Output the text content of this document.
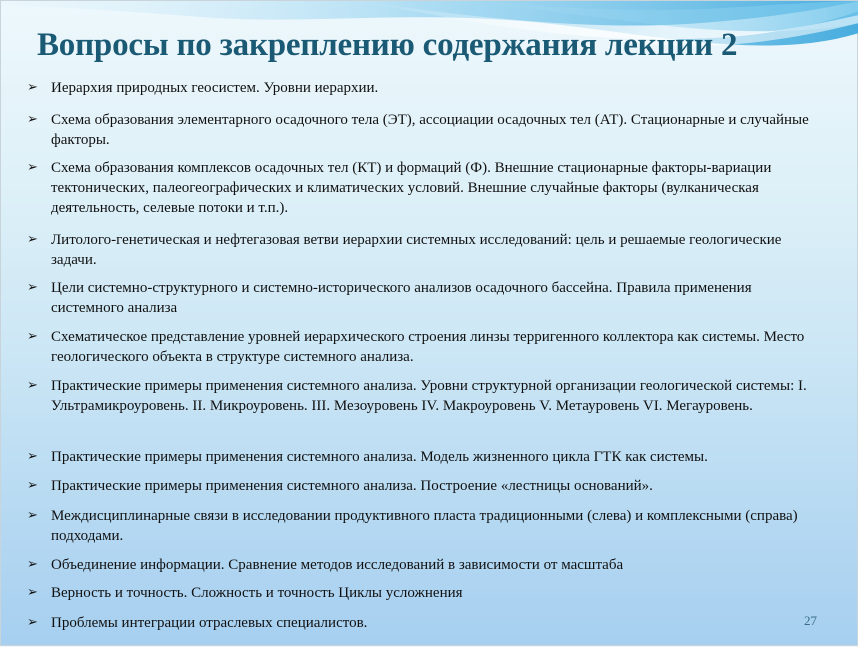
Вопросы по закреплению содержания лекции 2
➢ Иерархия природных геосистем. Уровни иерархии.
➢ Схема образования элементарного осадочного тела (ЭТ), ассоциации осадочных тел (АТ). Стационарные и случайные факторы.
➢ Схема образования комплексов осадочных тел (КТ) и формаций (Ф). Внешние стационарные факторы-вариации тектонических, палеогеографических и климатических условий. Внешние случайные факторы (вулканическая деятельность, селевые потоки и т.п.).
➢ Литолого-генетическая и нефтегазовая ветви иерархии системных исследований: цель и решаемые геологические задачи.
➢ Цели системно-структурного и системно-исторического анализов осадочного бассейна. Правила применения системного анализа
➢ Схематическое представление уровней иерархического строения линзы терригенного коллектора как системы. Место геологического объекта в структуре системного анализа.
➢ Практические примеры применения системного анализа. Уровни структурной организации геологической системы: I. Ультрамикроуровень. II. Микроуровень. III. Мезоуровень IV. Макроуровень V. Метауровень VI. Мегауровень.
➢ Практические примеры применения системного анализа. Модель жизненного цикла ГТК как системы.
➢ Практические примеры применения системного анализа. Построение «лестницы оснований».
➢ Междисциплинарные связи в исследовании продуктивного пласта традиционными (слева) и комплексными (справа) подходами.
➢ Объединение информации. Сравнение методов исследований в зависимости от масштаба
➢ Верность и точность. Сложность и точность Циклы усложнения
➢ Проблемы интеграции отраслевых специалистов.	27
